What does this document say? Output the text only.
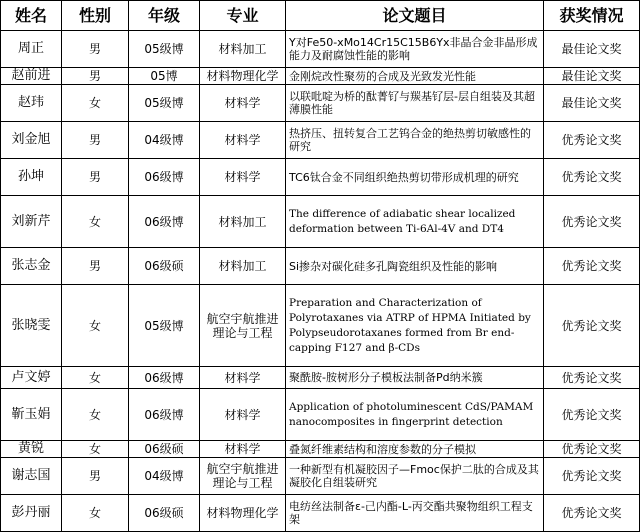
姓名	性别	年级	专业	论文题目	获奖情况
周正	男	05级博	材料加工	Y对Fe50-xMo14Cr15C15B6Yx非晶合金非晶形成能力及耐腐蚀性能的影响	最佳论文奖
赵前进	男	05博	材料物理化学	金刚烷改性聚芴的合成及光致发光性能	最佳论文奖
赵玮	女	05级博	材料学	以联吡啶为桥的酞菁钌与羰基钌层-层自组装及其超薄膜性能	最佳论文奖
刘金旭	男	04级博	材料学	热挤压、扭转复合工艺钨合金的绝热剪切敏感性的研究	优秀论文奖
孙坤	男	06级博	材料学	TC6钛合金不同组织绝热剪切带形成机理的研究	优秀论文奖
刘新芹	女	06级博	材料加工	The difference of adiabatic shear localized deformation between Ti-6Al-4V and DT4	优秀论文奖
张志金	男	06级硕	材料加工	Si掺杂对碳化硅多孔陶瓷组织及性能的影响	优秀论文奖
张晓雯	女	05级博	航空宇航推进理论与工程	Preparation and Characterization of Polyrotaxanes via ATRP of HPMA Initiated by Polypseudorotaxanes formed from Br end-capping F127 and β-CDs	优秀论文奖
卢文婷	女	06级博	材料学	聚酰胺-胺树形分子模板法制备Pd纳米簇	优秀论文奖
靳玉娟	女	06级博	材料学	Application of photoluminescent CdS/PAMAM nanocomposites in fingerprint detection	优秀论文奖
黄锐	女	06级硕	材料学	叠氮纤维素结构和溶度参数的分子模拟	优秀论文奖
谢志国	男	04级博	航空宇航推进理论与工程	一种新型有机凝胶因子—Fmoc保护二肽的合成及其凝胶化自组装研究	优秀论文奖
彭丹丽	女	06级硕	材料物理化学	电纺丝法制备ε-己内酯-L-丙交酯共聚物组织工程支架	优秀论文奖
